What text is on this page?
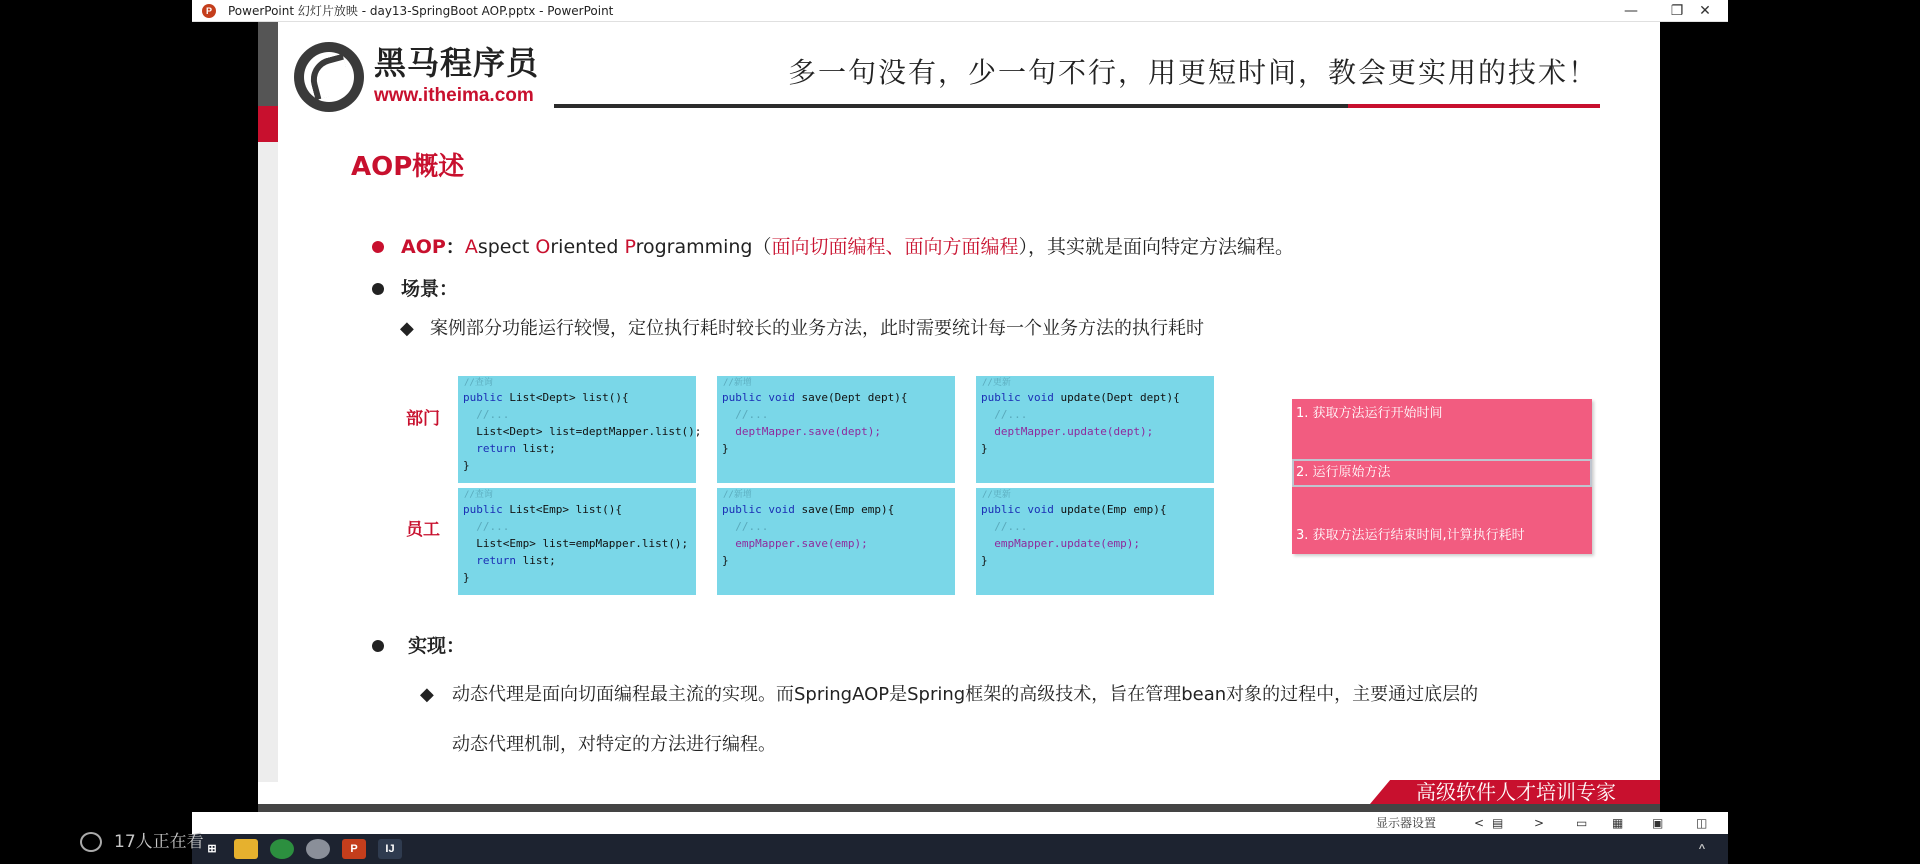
P	PowerPoint 幻灯片放映 - day13-SpringBoot AOP.pptx - PowerPoint	—	❐	✕
黑马程序员
www.itheima.com
多一句没有，少一句不行，用更短时间，教会更实用的技术！
AOP概述
AOP：Aspect Oriented Programming（面向切面编程、面向方面编程），其实就是面向特定方法编程。
场景：
◆ 案例部分功能运行较慢，定位执行耗时较长的业务方法，此时需要统计每一个业务方法的执行耗时
部门
员工
//查询
public List<Dept> list(){
//...
List<Dept> list=deptMapper.list();
return list;
}
//新增
public void save(Dept dept){
//...
deptMapper.save(dept);
}
//更新
public void update(Dept dept){
//...
deptMapper.update(dept);
}
//查询
public List<Emp> list(){
//...
List<Emp> list=empMapper.list();
return list;
}
//新增
public void save(Emp emp){
//...
empMapper.save(emp);
}
//更新
public void update(Emp emp){
//...
empMapper.update(emp);
}
1. 获取方法运行开始时间
2. 运行原始方法
3. 获取方法运行结束时间,计算执行耗时
实现：
◆ 动态代理是面向切面编程最主流的实现。而SpringAOP是Spring框架的高级技术，旨在管理bean对象的过程中，主要通过底层的
动态代理机制，对特定的方法进行编程。
高级软件人才培训专家
显示器设置	< ▤	>	▭ ▦ ▣	◫
⊞	P	IJ	^
17人正在看
